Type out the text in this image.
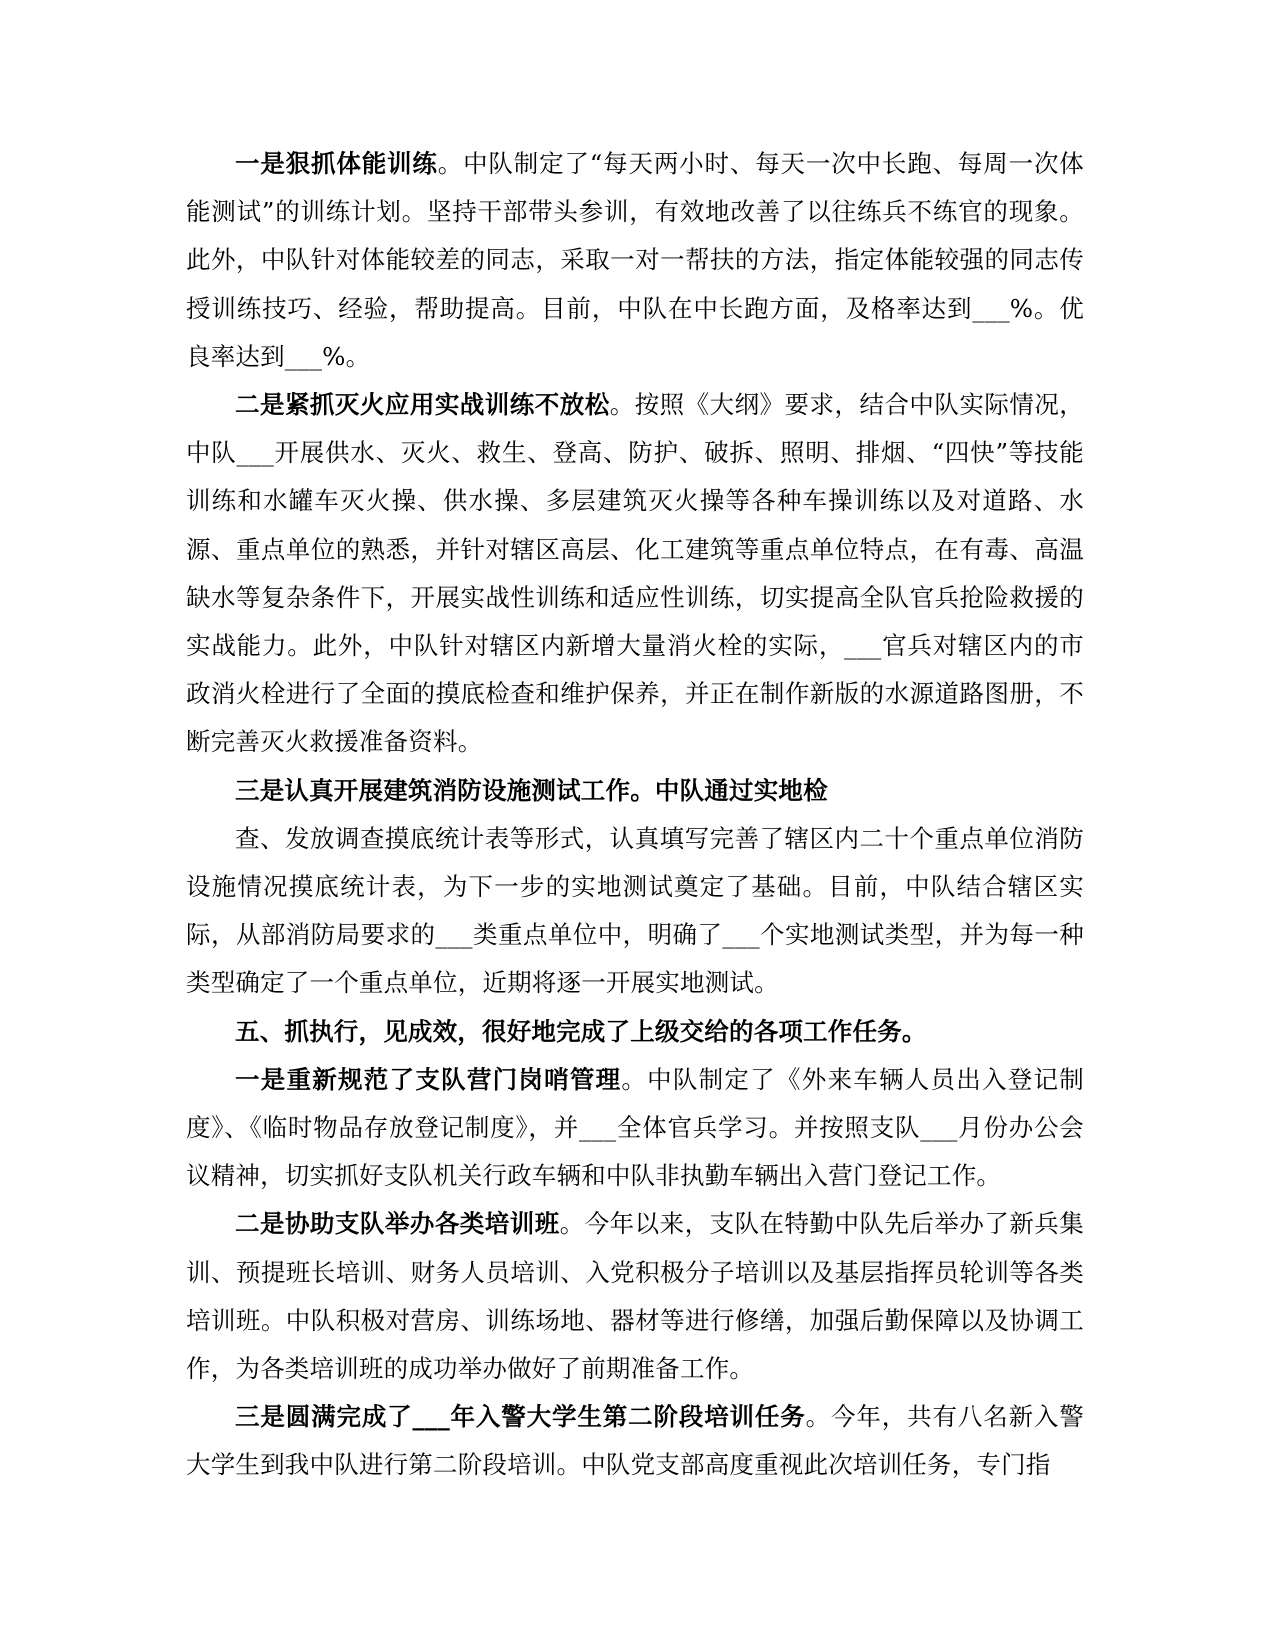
一是狠抓体能训练。中队制定了“每天两小时、每天一次中长跑、每周一次体能测试”的训练计划。坚持干部带头参训，有效地改善了以往练兵不练官的现象。此外，中队针对体能较差的同志，采取一对一帮扶的方法，指定体能较强的同志传授训练技巧、经验，帮助提高。目前，中队在中长跑方面，及格率达到___%。优良率达到___%。

二是紧抓灭火应用实战训练不放松。按照《大纲》要求，结合中队实际情况，中队___开展供水、灭火、救生、登高、防护、破拆、照明、排烟、“四快”等技能训练和水罐车灭火操、供水操、多层建筑灭火操等各种车操训练以及对道路、水源、重点单位的熟悉，并针对辖区高层、化工建筑等重点单位特点，在有毒、高温缺水等复杂条件下，开展实战性训练和适应性训练，切实提高全队官兵抢险救援的实战能力。此外，中队针对辖区内新增大量消火栓的实际，___官兵对辖区内的市政消火栓进行了全面的摸底检查和维护保养，并正在制作新版的水源道路图册，不断完善灭火救援准备资料。

三是认真开展建筑消防设施测试工作。中队通过实地检

查、发放调查摸底统计表等形式，认真填写完善了辖区内二十个重点单位消防设施情况摸底统计表，为下一步的实地测试奠定了基础。目前，中队结合辖区实际，从部消防局要求的___类重点单位中，明确了___个实地测试类型，并为每一种类型确定了一个重点单位，近期将逐一开展实地测试。

五、抓执行，见成效，很好地完成了上级交给的各项工作任务。

一是重新规范了支队营门岗哨管理。中队制定了《外来车辆人员出入登记制度》、《临时物品存放登记制度》，并___全体官兵学习。并按照支队___月份办公会议精神，切实抓好支队机关行政车辆和中队非执勤车辆出入营门登记工作。

二是协助支队举办各类培训班。今年以来，支队在特勤中队先后举办了新兵集训、预提班长培训、财务人员培训、入党积极分子培训以及基层指挥员轮训等各类培训班。中队积极对营房、训练场地、器材等进行修缮，加强后勤保障以及协调工作，为各类培训班的成功举办做好了前期准备工作。

三是圆满完成了___年入警大学生第二阶段培训任务。今年，共有八名新入警大学生到我中队进行第二阶段培训。中队党支部高度重视此次培训任务，专门指
